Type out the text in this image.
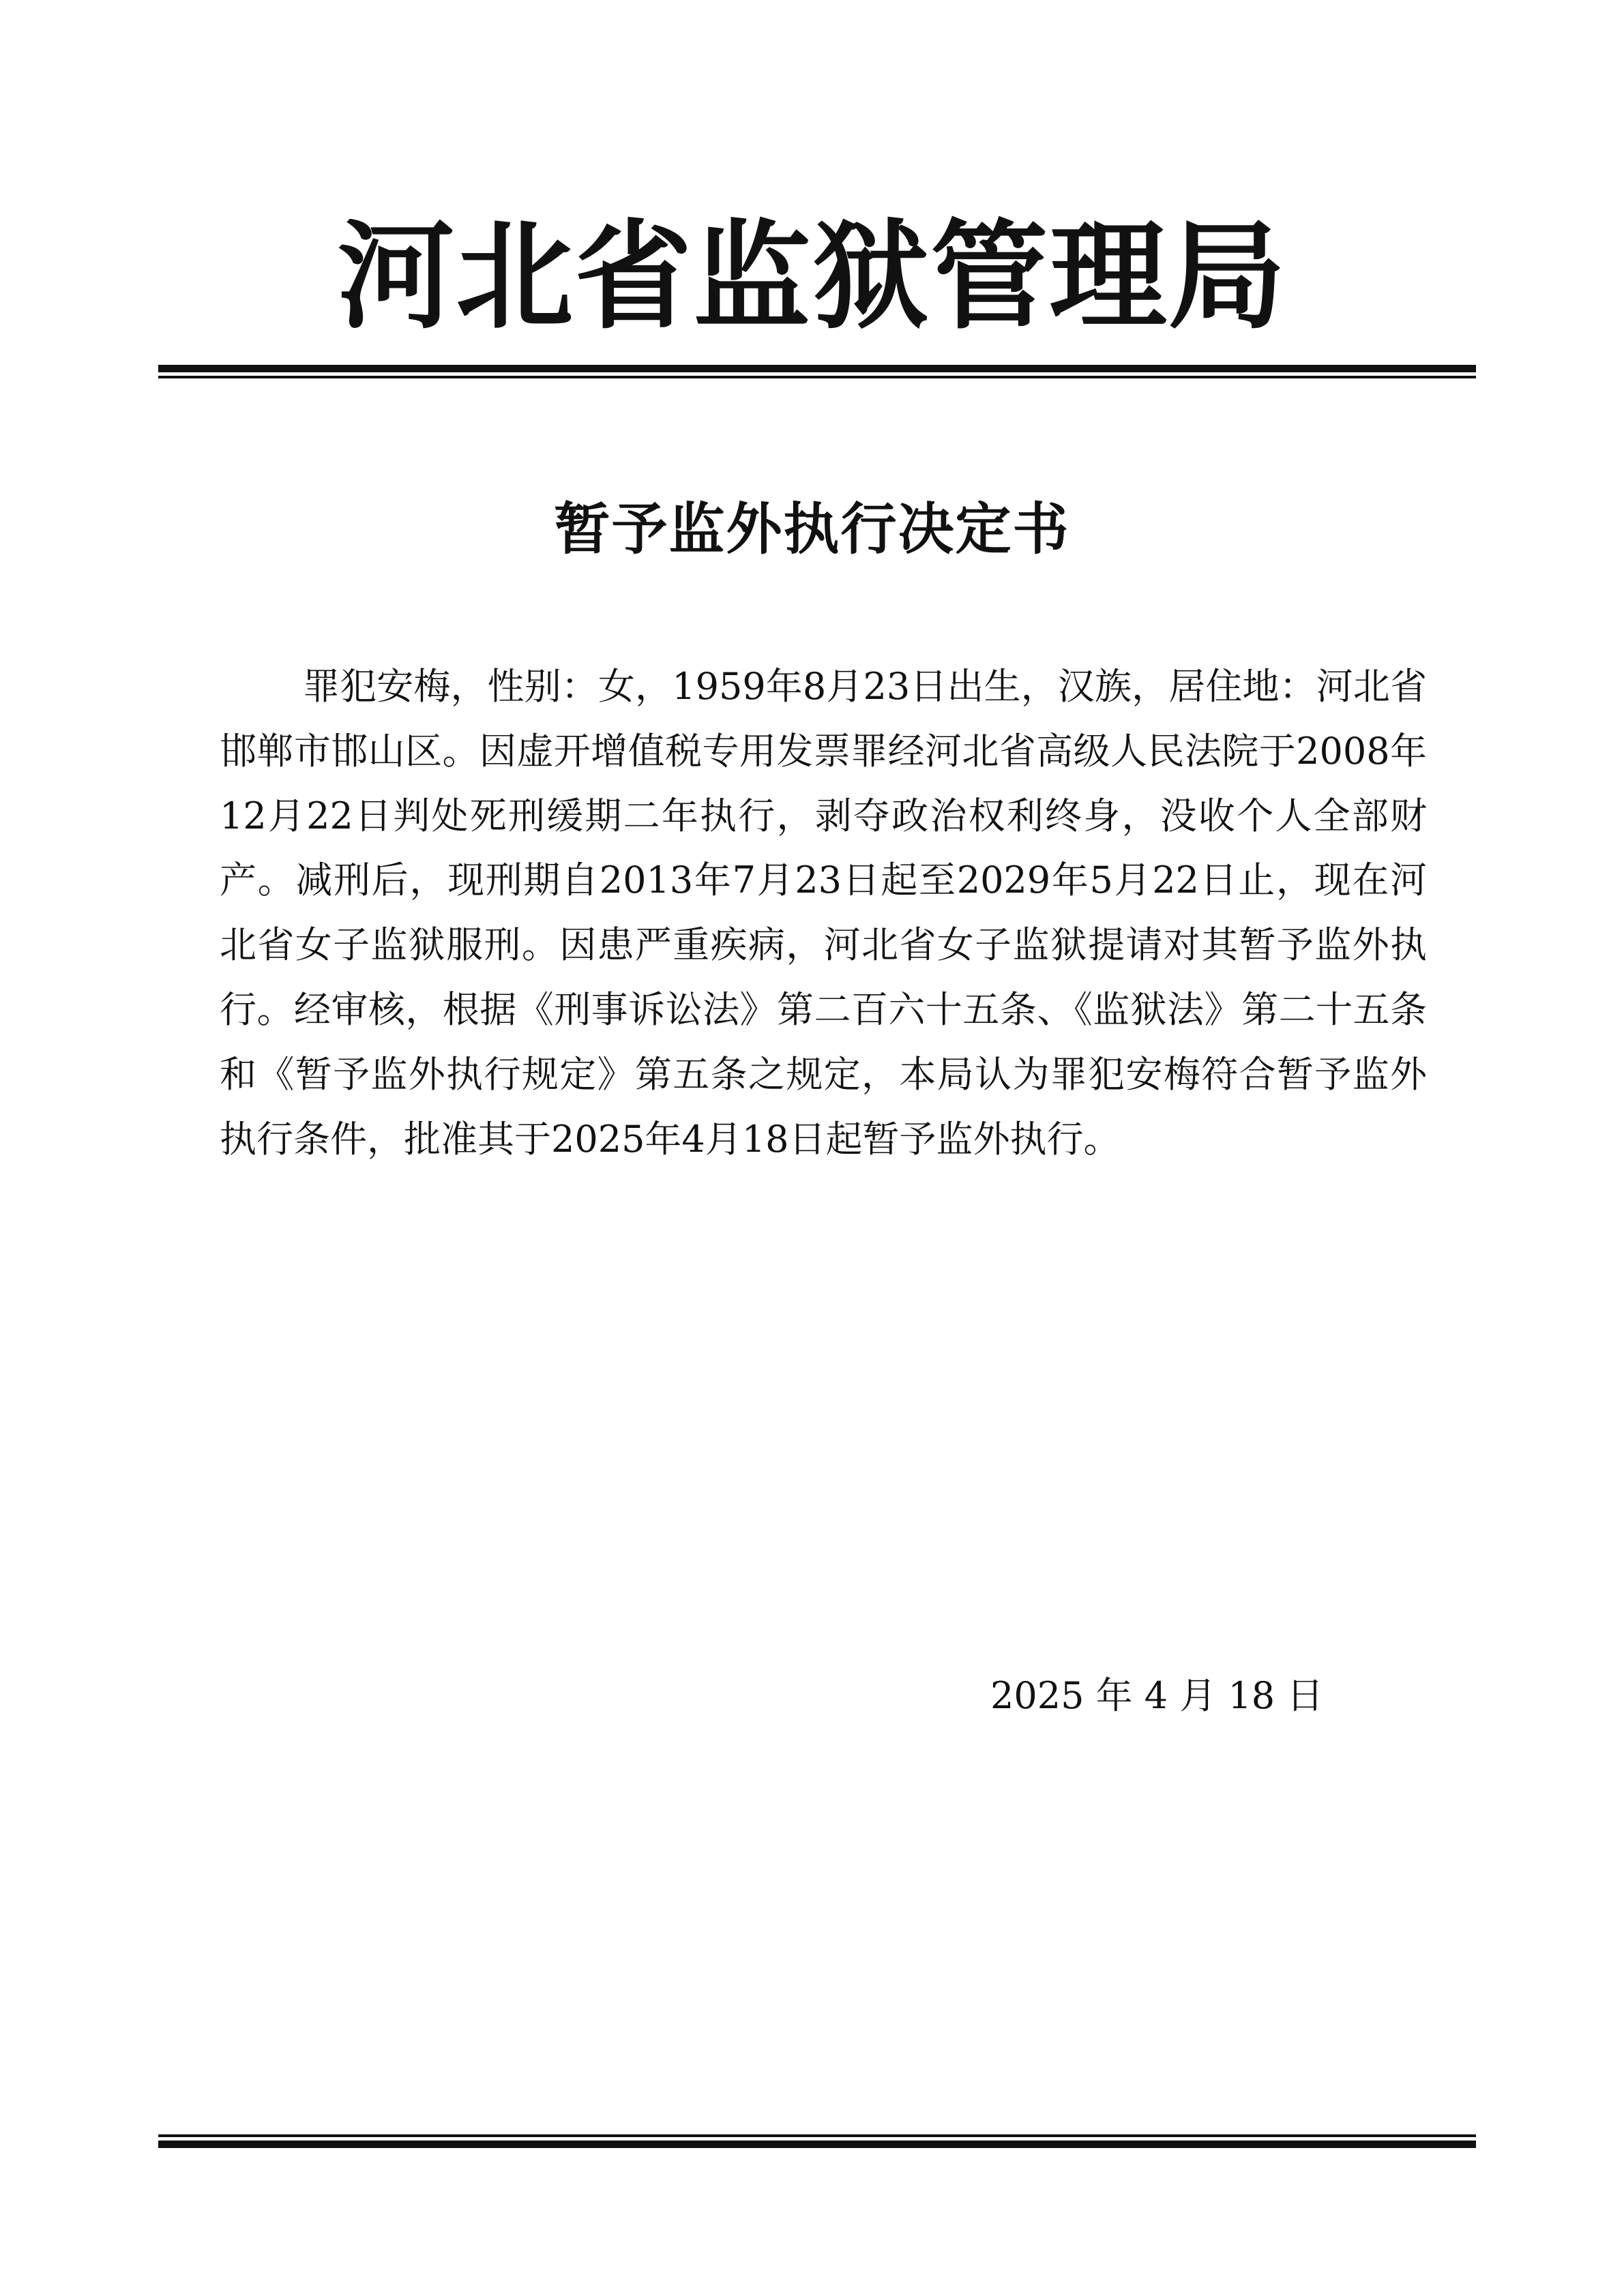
河北省监狱管理局
暂予监外执行决定书

罪犯安梅，性别：女，1959年8月23日出生，汉族，居住地：河北省邯郸市邯山区。因虚开增值税专用发票罪经河北省高级人民法院于2008年12月22日判处死刑缓期二年执行，剥夺政治权利终身，没收个人全部财产。减刑后，现刑期自2013年7月23日起至2029年5月22日止，现在河北省女子监狱服刑。因患严重疾病，河北省女子监狱提请对其暂予监外执行。经审核，根据《刑事诉讼法》第二百六十五条、《监狱法》第二十五条和《暂予监外执行规定》第五条之规定，本局认为罪犯安梅符合暂予监外执行条件，批准其于2025年4月18日起暂予监外执行。

2025 年 4 月 18 日
